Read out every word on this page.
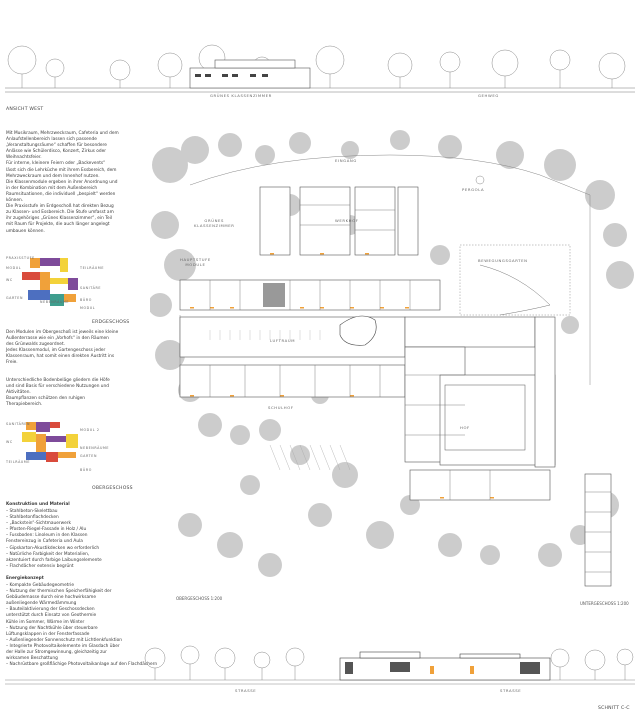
GRÜNES KLASSENZIMMER	GEHWEG
ANSICHT WEST
Mit Musikraum, Mehrzweckraum, Cafeteria und dem
Anlaufstellenbereich lassen sich passende
„Veranstaltungsräume“ schaffen für besondere
Anlässe wie Schülerdisco, Konzert, Zirkus oder
Weihnachtsfeier.
Für interne, kleinere Feiern oder „Backevents“
lässt sich die Lehrküche mit ihrem Essbereich, dem
Mehrzweckraum und dem Innenhof nutzen.
Die Klassenmodule ergeben in ihrer Anordnung und
in der Kombination mit dem Außenbereich
Raumsituationen, die individuell „bespielt“ werden
können.
Die Praxisstufe im Erdgeschoß hat direkten Bezug
zu Klassen- und Essbereich. Die Stufe umfasst am
ihr zugehöriges „Grünes Klassenzimmer“, ein Teil
mit Raum für Projekte, die auch länger angelegt
umbauen können.
PRAXISSTUFE
MODUL	TEILRÄUME
WC
SANITÄRE
GARTEN
NEBENRÄUME	BÜRO
MODUL
ERDGESCHOSS
Den Modulen im Obergeschoß ist jeweils eine kleine
Außenterrasse wie ein „Vorhofs“ in den Räumen
des Grünwalds zugeordnet.
Jedes Klassenmodul, im Gartengeschoss jeder
Klassenraum, hat somit einen direkten Austritt ins
Freie.
Unterschiedliche Bodenbeläge gliedern die Höfe
und sind Basis für verschiedene Nutzungen und
Aktivitäten.
Baumpflanzen schützen den ruhigen
Therapiebereich.
SANITÄREN
MODUL 2
WC
NEBENRÄUME
GARTEN
TEILRÄUME
BÜRO
OBERGESCHOSS
Konstruktion und Material
– Stahlbeton-Skelettbau
– Stahlbetonflachdecken
– „Backstein“-Sichtmauerwerk
– Pfosten-Riegel-Fassade in Holz / Alu
– Fussboden: Linoleum in den Klassen
Fenstereinzug in Cafeteria und Aula
– Gipskarton-Akustikdecken wo erforderlich
– Natürliche Farbigkeit der Materialien,
akzentuiert durch farbige Laibungselemente
– Flachdächer extensiv begrünt
Energiekonzept
– Kompakte Gebäudegeometrie
– Nutzung der thermischen Speicherfähigkeit der
Gebäudemasse durch eine hochwirksame
außenliegende Wärmedämmung
– Bauteilaktivierung der Geschossdecken
unterstützt durch Einsatz von Geothermie
Kühle im Sommer, Wärme im Winter
– Nutzung der Nachtkühle über steuerbare
Lüftungsklappen in der Fensterfassade
– Außenliegender Sonnenschutz mit Lichtlenkfunktion
– Integrierte Photovoltaikelemente im Glasdach über
der Halle zur Stromgewinnung, gleichzeitig zur
wirksamen Beschattung
– Nachrüstbare großflächige Photovoltaikanlage auf den Flachdächern
EINGANG
GRÜNES
KLASSENZIMMER
WERKHOF
PERGOLA
HAUPTSTUFE
MODULE
BEWEGUNGSGARTEN
LUFTRAUM
SCHULHOF
HOF
OBERGESCHOSS 1:200
UNTERGESCHOSS 1:200
STRASSE	STRASSE
SCHNITT C-C
